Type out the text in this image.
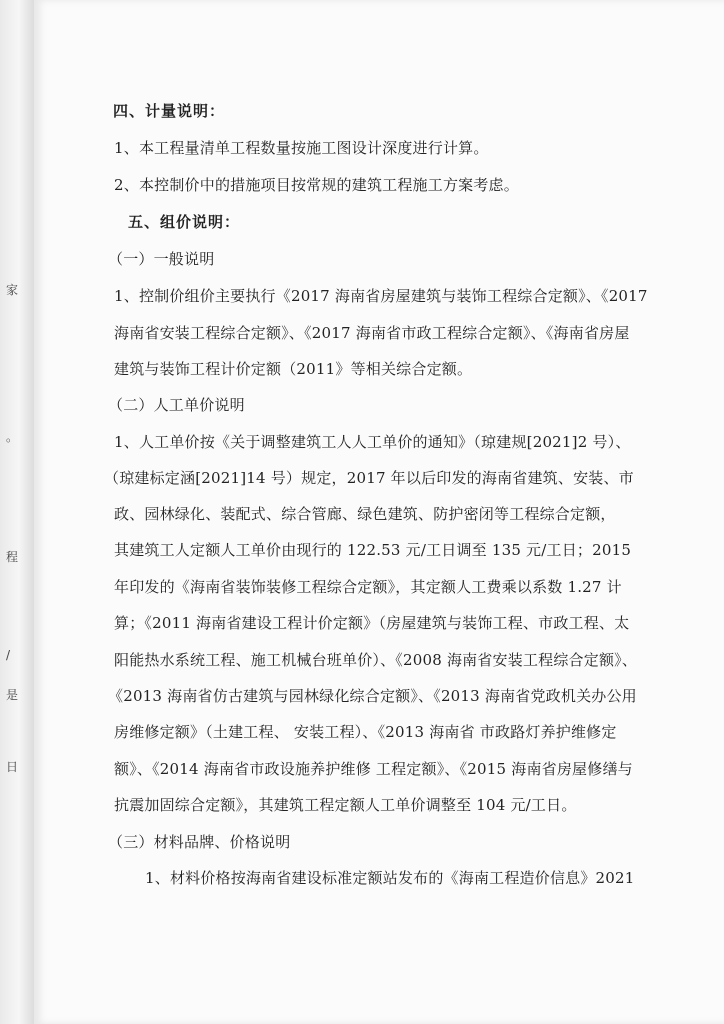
家
。
程
/
是
日
四、计量说明：
1、本工程量清单工程数量按施工图设计深度进行计算。
2、本控制价中的措施项目按常规的建筑工程施工方案考虑。
五、组价说明：
（一）一般说明
1、控制价组价主要执行《2017 海南省房屋建筑与装饰工程综合定额》、《2017
海南省安装工程综合定额》、《2017 海南省市政工程综合定额》、《海南省房屋
建筑与装饰工程计价定额（2011》等相关综合定额。
（二）人工单价说明
1、人工单价按《关于调整建筑工人人工单价的通知》（琼建规[2021]2 号）、
（琼建标定涵[2021]14 号）规定，2017 年以后印发的海南省建筑、安装、市
政、园林绿化、装配式、综合管廊、绿色建筑、防护密闭等工程综合定额，
其建筑工人定额人工单价由现行的 122.53 元/工日调至 135 元/工日；2015
年印发的《海南省装饰装修工程综合定额》，其定额人工费乘以系数 1.27 计
算；《2011 海南省建设工程计价定额》（房屋建筑与装饰工程、市政工程、太
阳能热水系统工程、施工机械台班单价）、《2008 海南省安装工程综合定额》、
《2013 海南省仿古建筑与园林绿化综合定额》、《2013 海南省党政机关办公用
房维修定额》（土建工程、 安装工程）、《2013 海南省 市政路灯养护维修定
额》、《2014 海南省市政设施养护维修 工程定额》、《2015 海南省房屋修缮与
抗震加固综合定额》，其建筑工程定额人工单价调整至 104 元/工日。
（三）材料品牌、价格说明
1、材料价格按海南省建设标准定额站发布的《海南工程造价信息》2021
